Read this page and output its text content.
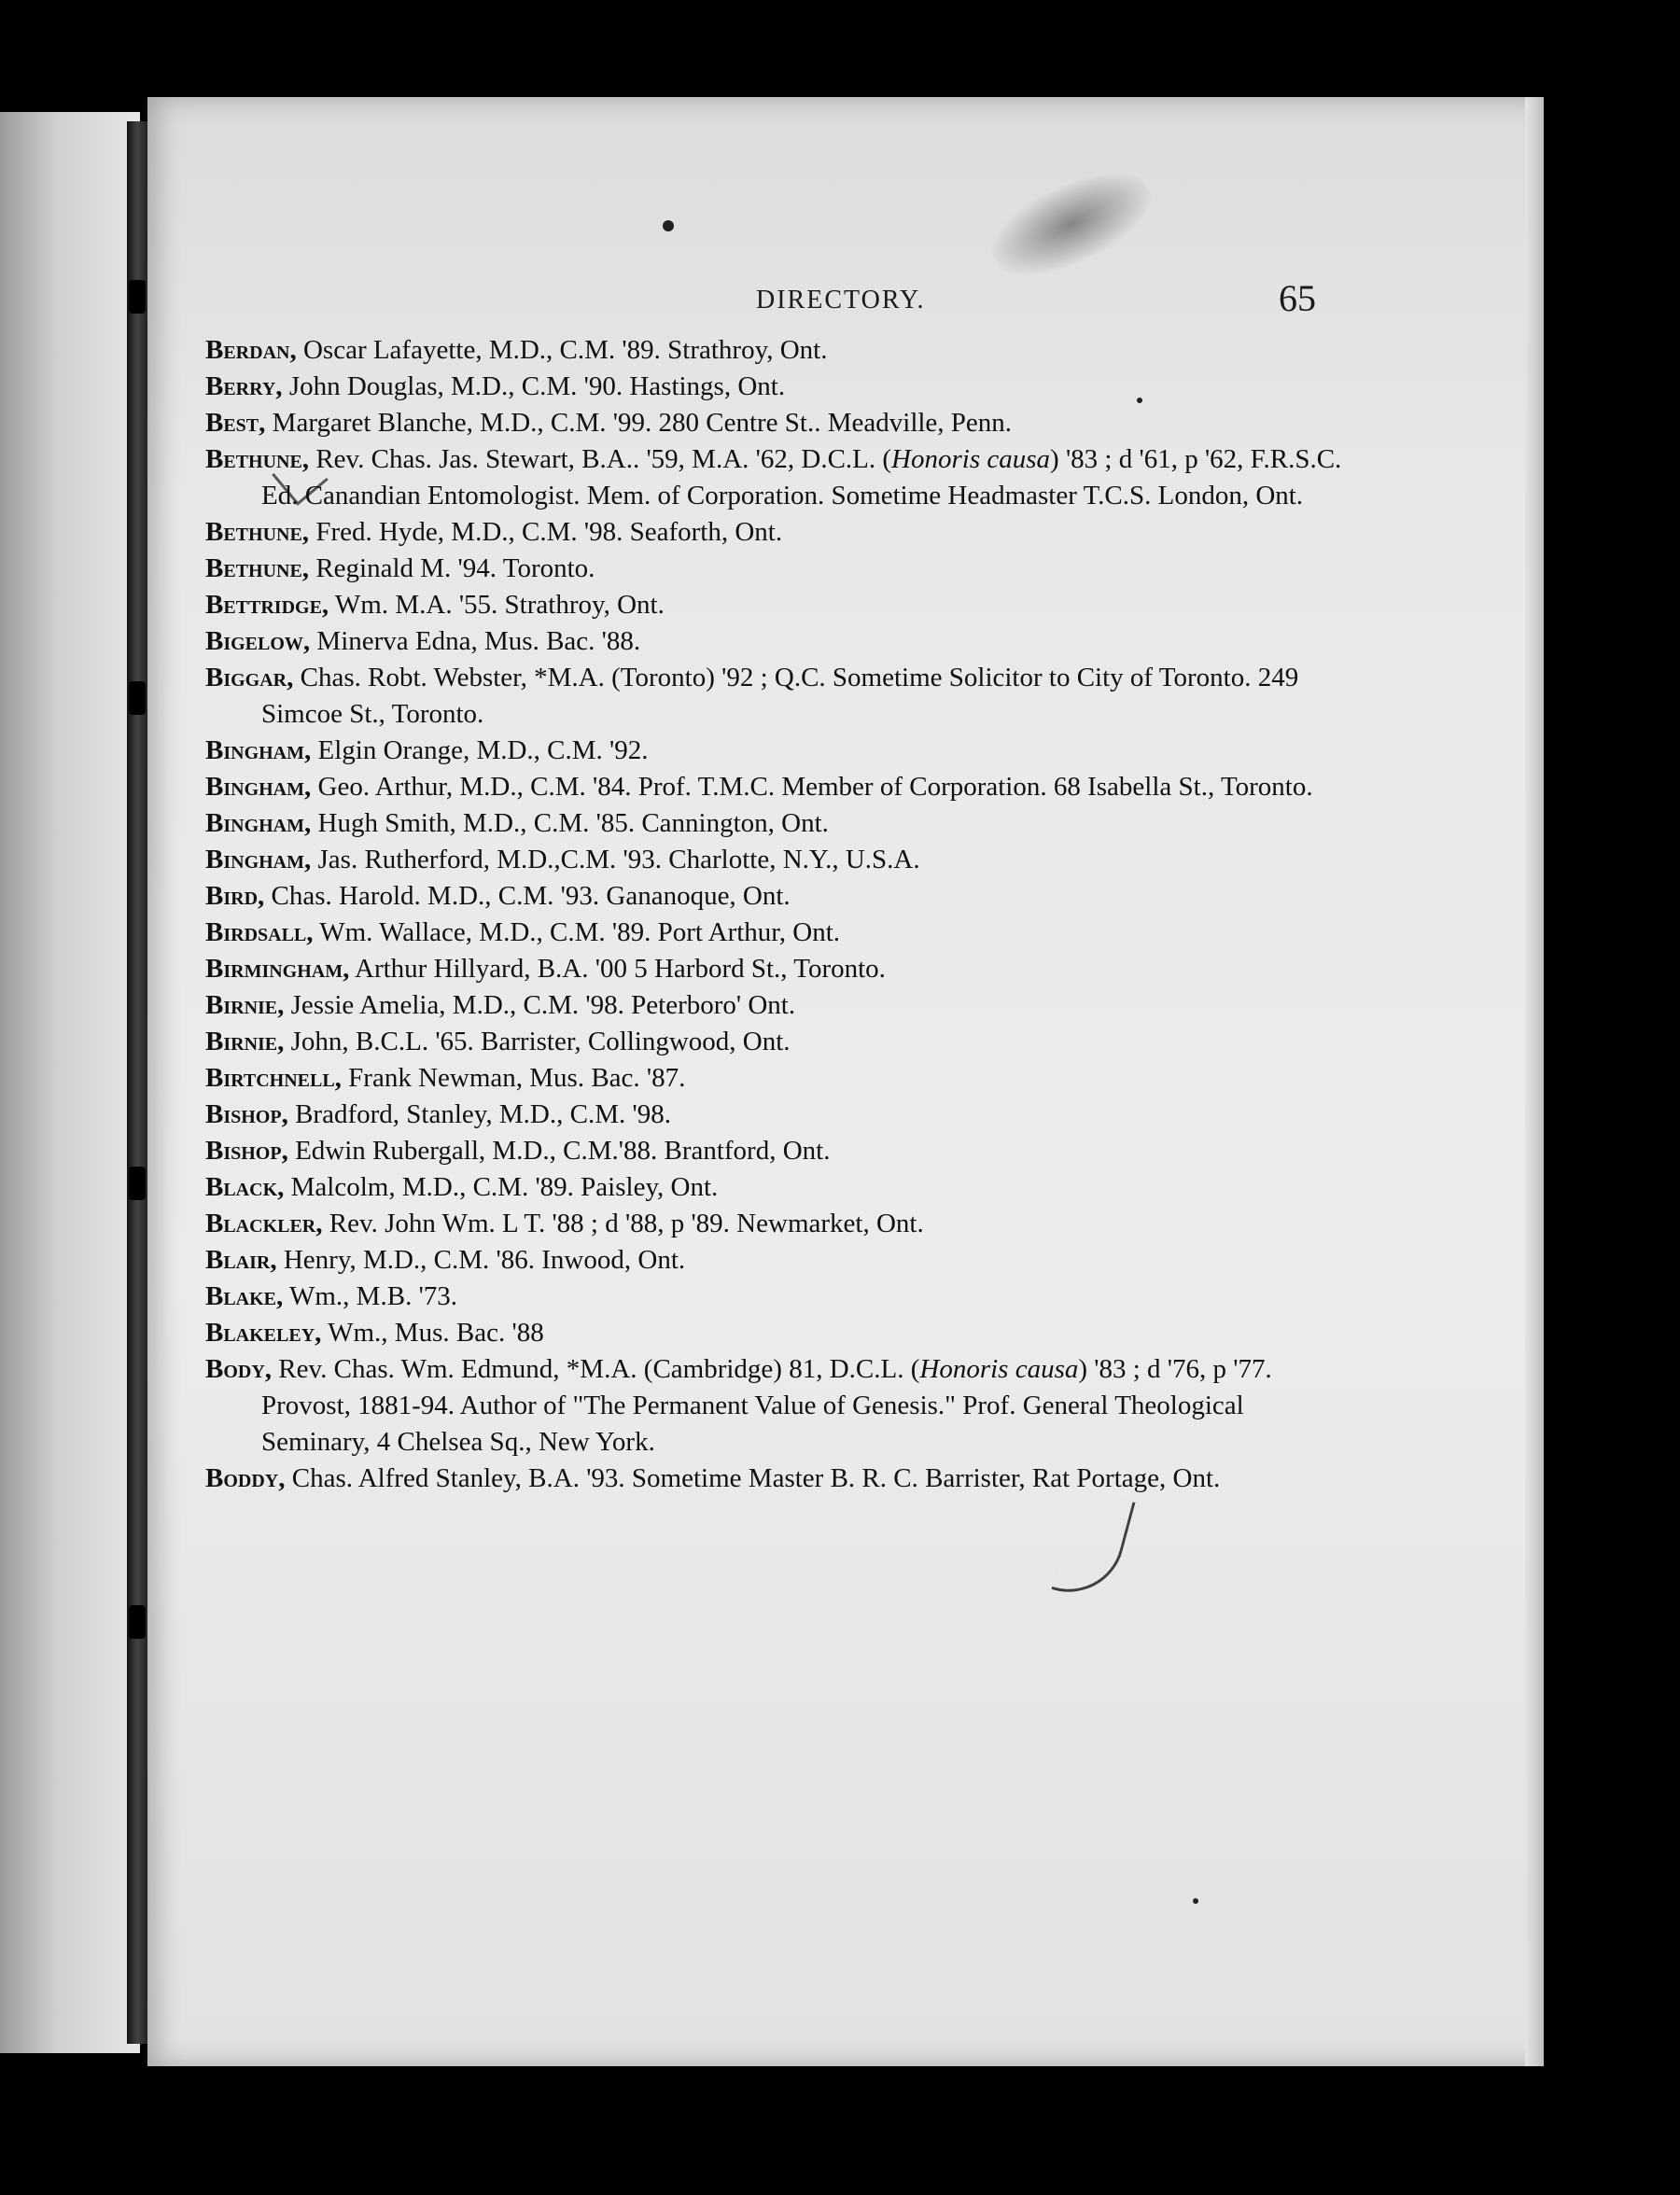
DIRECTORY.	65

Berdan, Oscar Lafayette, M.D., C.M. '89. Strathroy, Ont.

Berry, John Douglas, M.D., C.M. '90. Hastings, Ont.

Best, Margaret Blanche, M.D., C.M. '99. 280 Centre St.. Meadville, Penn.

Bethune, Rev. Chas. Jas. Stewart, B.A.. '59, M.A. '62, D.C.L. (Honoris causa) '83 ; d '61, p '62, F.R.S.C. Ed. Canandian Entomologist. Mem. of Corporation. Sometime Headmaster T.C.S. London, Ont.

Bethune, Fred. Hyde, M.D., C.M. '98. Seaforth, Ont.

Bethune, Reginald M. '94. Toronto.

Bettridge, Wm. M.A. '55. Strathroy, Ont.

Bigelow, Minerva Edna, Mus. Bac. '88.

Biggar, Chas. Robt. Webster, *M.A. (Toronto) '92 ; Q.C. Sometime Solicitor to City of Toronto. 249 Simcoe St., Toronto.

Bingham, Elgin Orange, M.D., C.M. '92.

Bingham, Geo. Arthur, M.D., C.M. '84. Prof. T.M.C. Member of Corporation. 68 Isabella St., Toronto.

Bingham, Hugh Smith, M.D., C.M. '85. Cannington, Ont.

Bingham, Jas. Rutherford, M.D.,C.M. '93. Charlotte, N.Y., U.S.A.

Bird, Chas. Harold. M.D., C.M. '93. Gananoque, Ont.

Birdsall, Wm. Wallace, M.D., C.M. '89. Port Arthur, Ont.

Birmingham, Arthur Hillyard, B.A. '00 5 Harbord St., Toronto.

Birnie, Jessie Amelia, M.D., C.M. '98. Peterboro' Ont.

Birnie, John, B.C.L. '65. Barrister, Collingwood, Ont.

Birtchnell, Frank Newman, Mus. Bac. '87.

Bishop, Bradford, Stanley, M.D., C.M. '98.

Bishop, Edwin Rubergall, M.D., C.M.'88. Brantford, Ont.

Black, Malcolm, M.D., C.M. '89. Paisley, Ont.

Blackler, Rev. John Wm. L T. '88 ; d '88, p '89. Newmarket, Ont.

Blair, Henry, M.D., C.M. '86. Inwood, Ont.

Blake, Wm., M.B. '73.

Blakeley, Wm., Mus. Bac. '88

Body, Rev. Chas. Wm. Edmund, *M.A. (Cambridge) 81, D.C.L. (Honoris causa) '83 ; d '76, p '77. Provost, 1881-94. Author of "The Permanent Value of Genesis." Prof. General Theological Seminary, 4 Chelsea Sq., New York.

Boddy, Chas. Alfred Stanley, B.A. '93. Sometime Master B. R. C. Barrister, Rat Portage, Ont.
